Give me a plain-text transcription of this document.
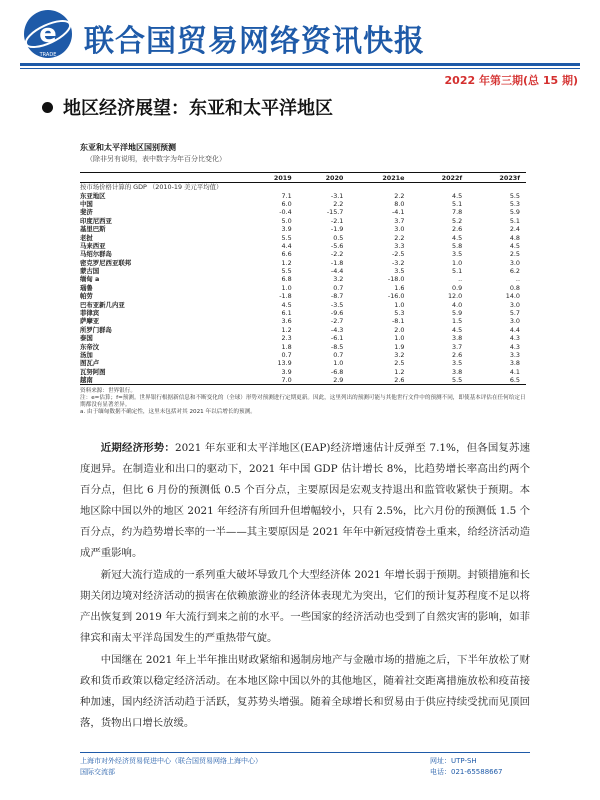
e
TRADE 联合国贸易网络资讯快报
2022 年第三期(总 15 期)
地区经济展望：东亚和太平洋地区
东亚和太平洋地区国别预测
（除非另有说明，表中数字为年百分比变化）
	2019	2020	2021e	2022f	2023f
按市场价格计算的 GDP （2010-19 美元平均值）					
东亚地区	7.1	-3.1	2.2	4.5	5.5
中国	6.0	2.2	8.0	5.1	5.3
斐济	-0.4	-15.7	-4.1	7.8	5.9
印度尼西亚	5.0	-2.1	3.7	5.2	5.1
基里巴斯	3.9	-1.9	3.0	2.6	2.4
老挝	5.5	0.5	2.2	4.5	4.8
马来西亚	4.4	-5.6	3.3	5.8	4.5
马绍尔群岛	6.6	-2.2	-2.5	3.5	2.5
密克罗尼西亚联邦	1.2	-1.8	-3.2	1.0	3.0
蒙古国	5.5	-4.4	3.5	5.1	6.2
缅甸 a	6.8	3.2	-18.0	..	..
瑙鲁	1.0	0.7	1.6	0.9	0.8
帕劳	-1.8	-8.7	-16.0	12.0	14.0
巴布亚新几内亚	4.5	-3.5	1.0	4.0	3.0
菲律宾	6.1	-9.6	5.3	5.9	5.7
萨摩亚	3.6	-2.7	-8.1	1.5	3.0
所罗门群岛	1.2	-4.3	2.0	4.5	4.4
泰国	2.3	-6.1	1.0	3.8	4.3
东帝汶	1.8	-8.5	1.9	3.7	4.3
汤加	0.7	0.7	3.2	2.6	3.3
图瓦卢	13.9	1.0	2.5	3.5	3.8
瓦努阿图	3.9	-6.8	1.2	3.8	4.1
越南	7.0	2.9	2.6	5.5	6.5
资料来源：世界银行。
注：e=估算；f=预测。世界银行根据新信息和不断变化的（全球）形势对预测进行定期更新。因此，这里列出的预测可能与其他世行文件中的预测不同，即使基本评估在任何给定日期都没有显著差异。
a. 由于缅甸数据不确定性，这里未包括对其 2021 年以后增长的预测。

近期经济形势：2021 年东亚和太平洋地区(EAP)经济增速估计反弹至 7.1%，但各国复苏速度迥异。在制造业和出口的驱动下，2021 年中国 GDP 估计增长 8%，比趋势增长率高出约两个百分点，但比 6 月份的预测低 0.5 个百分点，主要原因是宏观支持退出和监管收紧快于预期。本地区除中国以外的地区 2021 年经济有所回升但增幅较小，只有 2.5%，比六月份的预测低 1.5 个百分点，约为趋势增长率的一半——其主要原因是 2021 年年中新冠疫情卷土重来，给经济活动造成严重影响。

新冠大流行造成的一系列重大破坏导致几个大型经济体 2021 年增长弱于预期。封锁措施和长期关闭边境对经济活动的损害在依赖旅游业的经济体表现尤为突出，它们的预计复苏程度不足以将产出恢复到 2019 年大流行到来之前的水平。一些国家的经济活动也受到了自然灾害的影响，如菲律宾和南太平洋岛国发生的严重热带气旋。

中国继在 2021 年上半年推出财政紧缩和遏制房地产与金融市场的措施之后，下半年放松了财政和货币政策以稳定经济活动。在本地区除中国以外的其他地区，随着社交距离措施放松和疫苗接种加速，国内经济活动趋于活跃，复苏势头增强。随着全球增长和贸易由于供应持续受扰而见顶回落，货物出口增长放缓。

上海市对外经济贸易促进中心（联合国贸易网络上海中心）
国际交流部
网址：UTP-SH
电话：021-65588667
